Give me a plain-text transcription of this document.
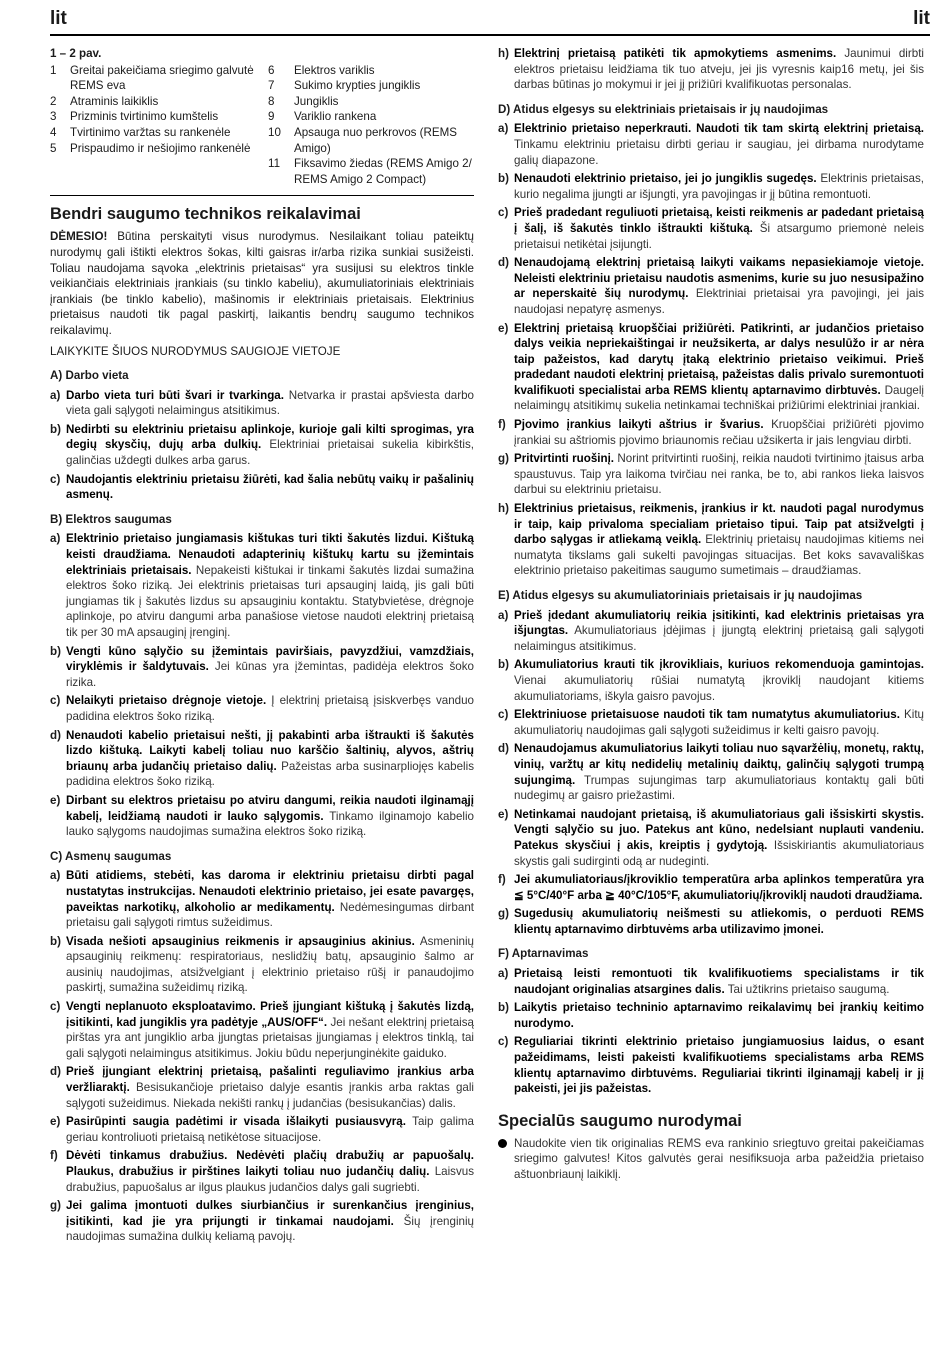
lit	lit
1 – 2 pav.
1	Greitai pakeičiama sriegimo galvutė REMS eva
2	Atraminis laikiklis
3	Prizminis tvirtinimo kumštelis
4	Tvirtinimo varžtas su rankenėle
5	Prispaudimo ir nešiojimo rankenėlė
6	Elektros variklis
7	Sukimo krypties jungiklis
8	Jungiklis
9	Variklio rankena
10	Apsauga nuo perkrovos (REMS Amigo)
11	Fiksavimo žiedas (REMS Amigo 2/ REMS Amigo 2 Compact)
Bendri saugumo technikos reikalavimai

DĖMESIO! Būtina perskaityti visus nurodymus. Nesilaikant toliau pateiktų nurodymų gali ištikti elektros šokas, kilti gaisras ir/arba rizika sunkiai susižeisti. Toliau naudojama sąvoka „elektrinis prietaisas“ yra susijusi su elektros tinkle veikiančiais elektriniais įrankiais (su tinklo kabeliu), akumuliatoriniais elektriniais įrankiais (be tinklo kabelio), mašinomis ir elektriniais prietaisais. Elektrinius prietaisus naudoti tik pagal paskirtį, laikantis bendrų saugumo technikos reikalavimų.

LAIKYKITE ŠIUOS NURODYMUS SAUGIOJE VIETOJE

A) Darbo vieta
a) Darbo vieta turi būti švari ir tvarkinga. Netvarka ir prastai apšviesta darbo vieta gali sąlygoti nelaimingus atsitikimus.
b) Nedirbti su elektriniu prietaisu aplinkoje, kurioje gali kilti sprogimas, yra degių skysčių, dujų arba dulkių. Elektriniai prietaisai sukelia kibirkštis, galinčias uždegti dulkes arba garus.
c) Naudojantis elektriniu prietaisu žiūrėti, kad šalia nebūtų vaikų ir pašalinių asmenų.
B) Elektros saugumas
a) Elektrinio prietaiso jungiamasis kištukas turi tikti šakutės lizdui. Kištuką keisti draudžiama. Nenaudoti adapterinių kištukų kartu su įžemintais elektriniais prietaisais. Nepakeisti kištukai ir tinkami šakutės lizdai sumažina elektros šoko riziką. Jei elektrinis prietaisas turi apsauginį laidą, jis gali būti jungiamas tik į šakutės lizdus su apsauginiu kontaktu. Statybvietėse, drėgnoje aplinkoje, po atviru dangumi arba panašiose vietose naudoti elektrinį prietaisą tik per 30 mA apsauginį įrenginį.
b) Vengti kūno sąlyčio su įžemintais paviršiais, pavyzdžiui, vamzdžiais, viryklėmis ir šaldytuvais. Jei kūnas yra įžemintas, padidėja elektros šoko rizika.
c) Nelaikyti prietaiso drėgnoje vietoje. Į elektrinį prietaisą įsiskverbęs vanduo padidina elektros šoko riziką.
d) Nenaudoti kabelio prietaisui nešti, jį pakabinti arba ištraukti iš šakutės lizdo kištuką. Laikyti kabelį toliau nuo karščio šaltinių, alyvos, aštrių briaunų arba judančių prietaiso dalių. Pažeistas arba susinarpliojęs kabelis padidina elektros šoko riziką.
e) Dirbant su elektros prietaisu po atviru dangumi, reikia naudoti ilginamąjį kabelį, leidžiamą naudoti ir lauko sąlygomis. Tinkamo ilginamojo kabelio lauko sąlygoms naudojimas sumažina elektros šoko riziką.
C) Asmenų saugumas
a) Būti atidiems, stebėti, kas daroma ir elektriniu prietaisu dirbti pagal nustatytas instrukcijas. Nenaudoti elektrinio prietaiso, jei esate pavargęs, paveiktas narkotikų, alkoholio ar medikamentų. Nedėmesingumas dirbant prietaisu gali sąlygoti rimtus sužeidimus.
b) Visada nešioti apsauginius reikmenis ir apsauginius akinius. Asmeninių apsauginių reikmenų: respiratoriaus, neslidžių batų, apsauginio šalmo ar ausinių naudojimas, atsižvelgiant į elektrinio prietaiso rūšį ir panaudojimo paskirtį, sumažina sužeidimų riziką.
c) Vengti neplanuoto eksploatavimo. Prieš įjungiant kištuką į šakutės lizdą, įsitikinti, kad jungiklis yra padėtyje „AUS/OFF“. Jei nešant elektrinį prietaisą pirštas yra ant jungiklio arba įjungtas prietaisas įjungiamas į elektros tinklą, tai gali sąlygoti nelaimingus atsitikimus. Jokiu būdu neperjunginėkite gaiduko.
d) Prieš įjungiant elektrinį prietaisą, pašalinti reguliavimo įrankius arba veržliaraktį. Besisukančioje prietaiso dalyje esantis įrankis arba raktas gali sąlygoti sužeidimus. Niekada nekišti rankų į judančias (besisukančias) dalis.
e) Pasirūpinti saugia padėtimi ir visada išlaikyti pusiausvyrą. Taip galima geriau kontroliuoti prietaisą netikėtose situacijose.
f) Dėvėti tinkamus drabužius. Nedėvėti plačių drabužių ar papuošalų. Plaukus, drabužius ir pirštines laikyti toliau nuo judančių dalių. Laisvus drabužius, papuošalus ar ilgus plaukus judančios dalys gali sugriebti.
g) Jei galima įmontuoti dulkes siurbiančius ir surenkančius įrenginius, įsitikinti, kad jie yra prijungti ir tinkamai naudojami. Šių įrenginių naudojimas sumažina dulkių keliamą pavojų.
h) Elektrinį prietaisą patikėti tik apmokytiems asmenims. Jaunimui dirbti elektros prietaisu leidžiama tik tuo atveju, jei jis vyresnis kaip16 metų, jei šis darbas būtinas jo mokymui ir jei jį prižiūri kvalifikuotas personalas.
D) Atidus elgesys su elektriniais prietaisais ir jų naudojimas
a) Elektrinio prietaiso neperkrauti. Naudoti tik tam skirtą elektrinį prietaisą. Tinkamu elektriniu prietaisu dirbti geriau ir saugiau, jei dirbama nurodytame galių diapazone.
b) Nenaudoti elektrinio prietaiso, jei jo jungiklis sugedęs. Elektrinis prietaisas, kurio negalima įjungti ar išjungti, yra pavojingas ir jį būtina remontuoti.
c) Prieš pradedant reguliuoti prietaisą, keisti reikmenis ar padedant prietaisą į šalį, iš šakutės tinklo ištraukti kištuką. Ši atsargumo priemonė neleis prietaisui netikėtai įsijungti.
d) Nenaudojamą elektrinį prietaisą laikyti vaikams nepasiekiamoje vietoje. Neleisti elektriniu prietaisu naudotis asmenims, kurie su juo nesusipažino ar neperskaitė šių nurodymų. Elektriniai prietaisai yra pavojingi, jei jais naudojasi nepatyrę asmenys.
e) Elektrinį prietaisą kruopščiai prižiūrėti. Patikrinti, ar judančios prietaiso dalys veikia nepriekaištingai ir neužsikerta, ar dalys nesulūžo ir ar nėra taip pažeistos, kad darytų įtaką elektrinio prietaiso veikimui. Prieš pradedant naudoti elektrinį prietaisą, pažeistas dalis privalo suremontuoti kvalifikuoti specialistai arba REMS klientų aptarnavimo dirbtuvės. Daugelį nelaimingų atsitikimų sukelia netinkamai techniškai prižiūrimi elektriniai įrankiai.
f) Pjovimo įrankius laikyti aštrius ir švarius. Kruopščiai prižiūrėti pjovimo įrankiai su aštriomis pjovimo briaunomis rečiau užsikerta ir jais lengviau dirbti.
g) Pritvirtinti ruošinį. Norint pritvirtinti ruošinį, reikia naudoti tvirtinimo įtaisus arba spaustuvus. Taip yra laikoma tvirčiau nei ranka, be to, abi rankos lieka laisvos darbui su elektriniu prietaisu.
h) Elektrinius prietaisus, reikmenis, įrankius ir kt. naudoti pagal nurodymus ir taip, kaip privaloma specialiam prietaiso tipui. Taip pat atsižvelgti į darbo sąlygas ir atliekamą veiklą. Elektrinių prietaisų naudojimas kitiems nei numatyta tikslams gali sukelti pavojingas situacijas. Bet koks savavališkas elektrinio prietaiso pakeitimas saugumo sumetimais – draudžiamas.
E) Atidus elgesys su akumuliatoriniais prietaisais ir jų naudojimas
a) Prieš įdedant akumuliatorių reikia įsitikinti, kad elektrinis prietaisas yra išjungtas. Akumuliatoriaus įdėjimas į įjungtą elektrinį prietaisą gali sąlygoti nelaimingus atsitikimus.
b) Akumuliatorius krauti tik įkrovikliais, kuriuos rekomenduoja gamintojas. Vienai akumuliatorių rūšiai numatytą įkroviklį naudojant kitiems akumuliatoriams, iškyla gaisro pavojus.
c) Elektriniuose prietaisuose naudoti tik tam numatytus akumuliatorius. Kitų akumuliatorių naudojimas gali sąlygoti sužeidimus ir kelti gaisro pavojų.
d) Nenaudojamus akumuliatorius laikyti toliau nuo sąvaržėlių, monetų, raktų, vinių, varžtų ar kitų nedidelių metalinių daiktų, galinčių sąlygoti trumpą sujungimą. Trumpas sujungimas tarp akumuliatoriaus kontaktų gali būti nudegimų ar gaisro priežastimi.
e) Netinkamai naudojant prietaisą, iš akumuliatoriaus gali išsiskirti skystis. Vengti sąlyčio su juo. Patekus ant kūno, nedelsiant nuplauti vandeniu. Patekus skysčiui į akis, kreiptis į gydytoją. Išsiskiriantis akumuliatoriaus skystis gali sudirginti odą ar nudeginti.
f) Jei akumuliatoriaus/įkroviklio temperatūra arba aplinkos temperatūra yra ≦ 5°C/40°F arba ≧ 40°C/105°F, akumuliatorių/įkroviklį naudoti draudžiama.
g) Sugedusių akumuliatorių neišmesti su atliekomis, o perduoti REMS klientų aptarnavimo dirbtuvėms arba utilizavimo įmonei.
F) Aptarnavimas
a) Prietaisą leisti remontuoti tik kvalifikuotiems specialistams ir tik naudojant originalias atsargines dalis. Tai užtikrins prietaiso saugumą.
b) Laikytis prietaiso techninio aptarnavimo reikalavimų bei įrankių keitimo nurodymo.
c) Reguliariai tikrinti elektrinio prietaiso jungiamuosius laidus, o esant pažeidimams, leisti pakeisti kvalifikuotiems specialistams arba REMS klientų aptarnavimo dirbtuvėms. Reguliariai tikrinti ilginamąjį kabelį ir jį pakeisti, jei jis pažeistas.
Specialūs saugumo nurodymai
Naudokite vien tik originalias REMS eva rankinio sriegtuvo greitai pakeičiamas sriegimo galvutes! Kitos galvutės gerai nesifiksuoja arba pažeidžia prietaiso aštuonbriaunį laikiklį.
